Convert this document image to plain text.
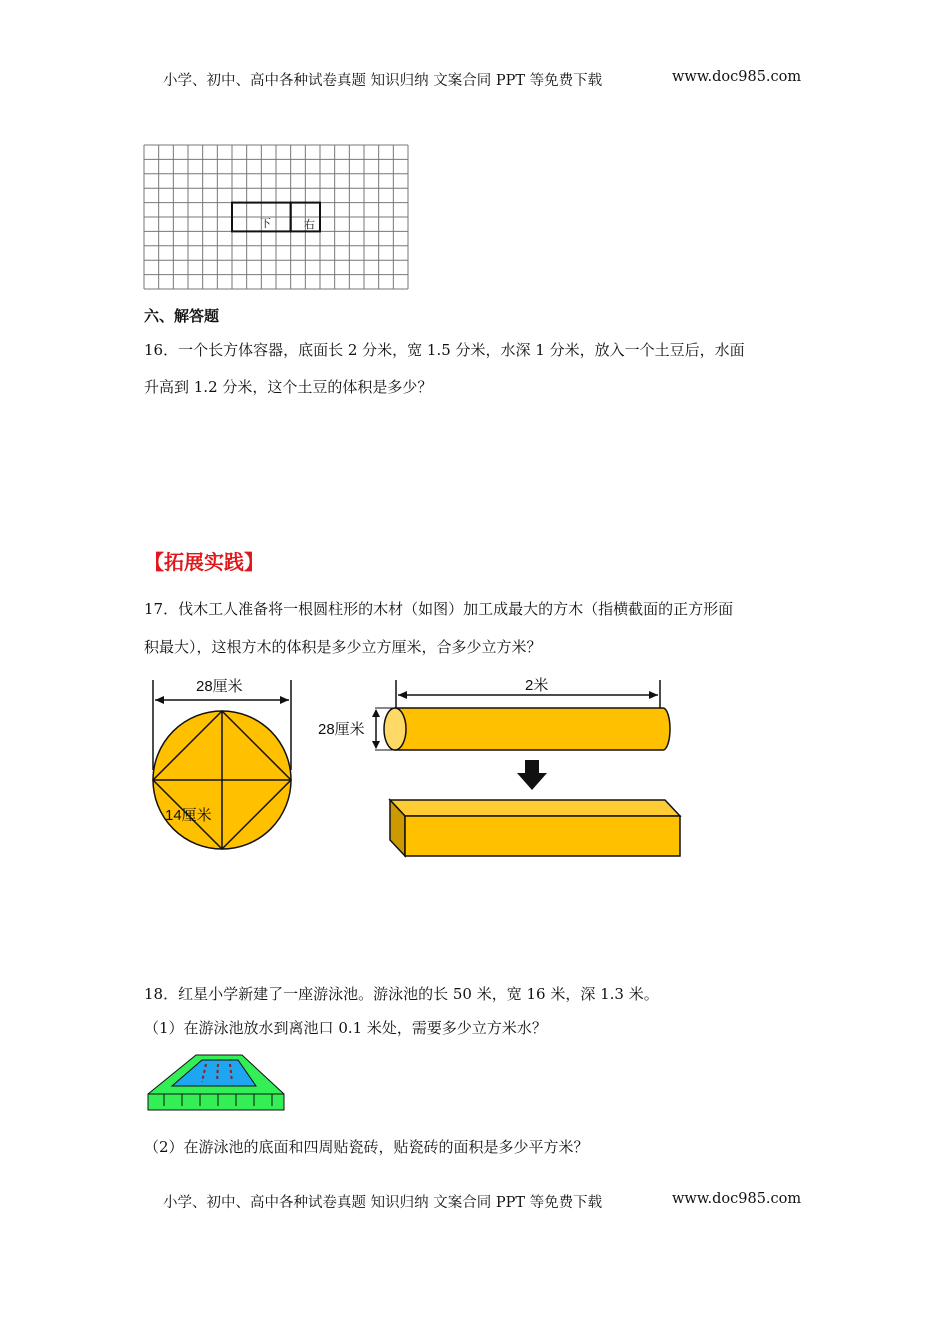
小学、初中、高中各种试卷真题 知识归纳 文案合同 PPT 等免费下载	www.doc985.com
下	右
六、解答题
16．一个长方体容器，底面长 2 分米，宽 1.5 分米，水深 1 分米，放入一个土豆后，水面
升高到 1.2 分米，这个土豆的体积是多少？
【拓展实践】
17．伐木工人准备将一根圆柱形的木材（如图）加工成最大的方木（指横截面的正方形面
积最大），这根方木的体积是多少立方厘米，合多少立方米？
28厘米
14厘米
2米
28厘米
18．红星小学新建了一座游泳池。游泳池的长 50 米，宽 16 米，深 1.3 米。
（1）在游泳池放水到离池口 0.1 米处，需要多少立方米水？
（2）在游泳池的底面和四周贴瓷砖，贴瓷砖的面积是多少平方米？
小学、初中、高中各种试卷真题 知识归纳 文案合同 PPT 等免费下载	www.doc985.com
